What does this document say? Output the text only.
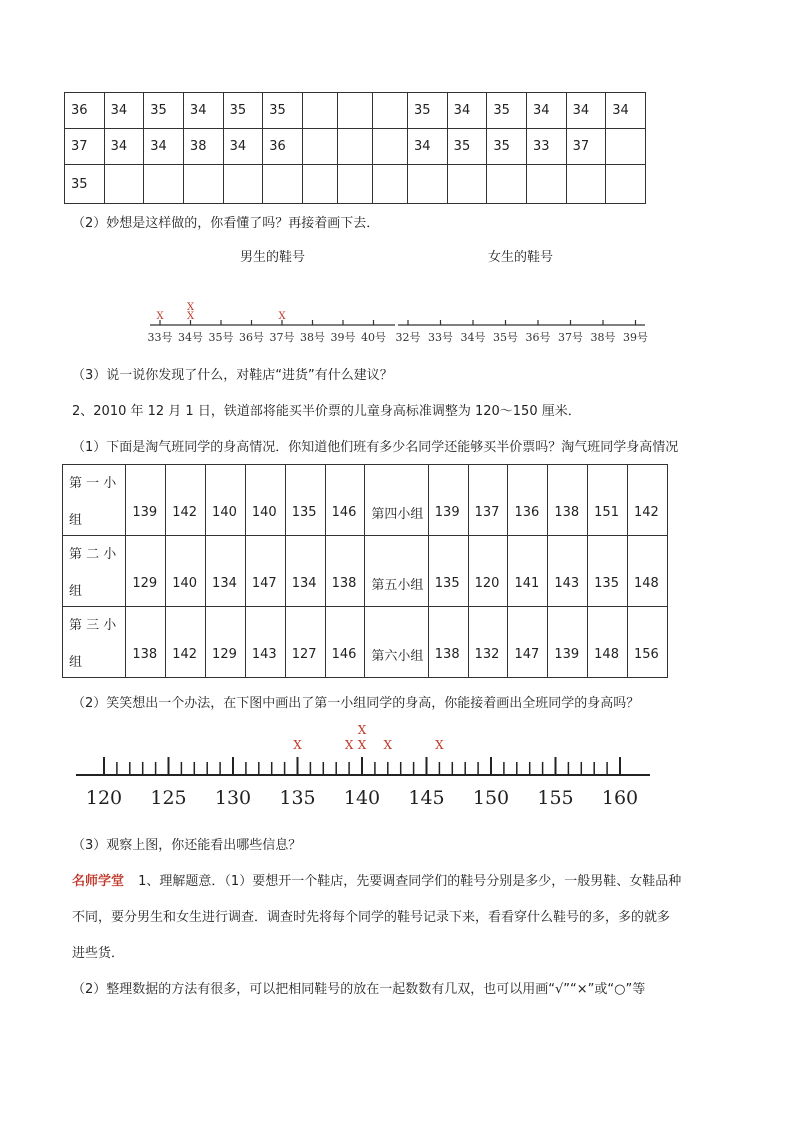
36	34	35	34	35	35				35	34	35	34	34	34
37	34	34	38	34	36				34	35	35	33	37	
35														
（2）妙想是这样做的，你看懂了吗？再接着画下去．
男生的鞋号	女生的鞋号
33号 34号 35号 36号 37号 38号 39号 40号
X X
X
X
32号 33号 34号 35号 36号 37号 38号 39号
（3）说一说你发现了什么，对鞋店“进货”有什么建议？
2、2010 年 12 月 1 日，铁道部将能买半价票的儿童身高标准调整为 120～150 厘米．
（1）下面是淘气班同学的身高情况．你知道他们班有多少名同学还能够买半价票吗？淘气班同学身高情况
第 一 小
组	139	142	140	140	135	146	第四小组	139	137	136	138	151	142

第 二 小
组	129	140	134	147	134	138	第五小组	135	120	141	143	135	148

第 三 小
组	138	142	129	143	127	146	第六小组	138	132	147	139	148	156
（2）笑笑想出一个办法，在下图中画出了第一小组同学的身高，你能接着画出全班同学的身高吗？
120 125 130 135 140 145 150 155 160
X	X X
X
X	X
（3）观察上图，你还能看出哪些信息？
名师学堂 1、理解题意．（1）要想开一个鞋店，先要调查同学们的鞋号分别是多少，一般男鞋、女鞋品种
不同，要分男生和女生进行调查．调查时先将每个同学的鞋号记录下来，看看穿什么鞋号的多，多的就多
进些货．
（2）整理数据的方法有很多，可以把相同鞋号的放在一起数数有几双，也可以用画“√”“×”或“○”等
